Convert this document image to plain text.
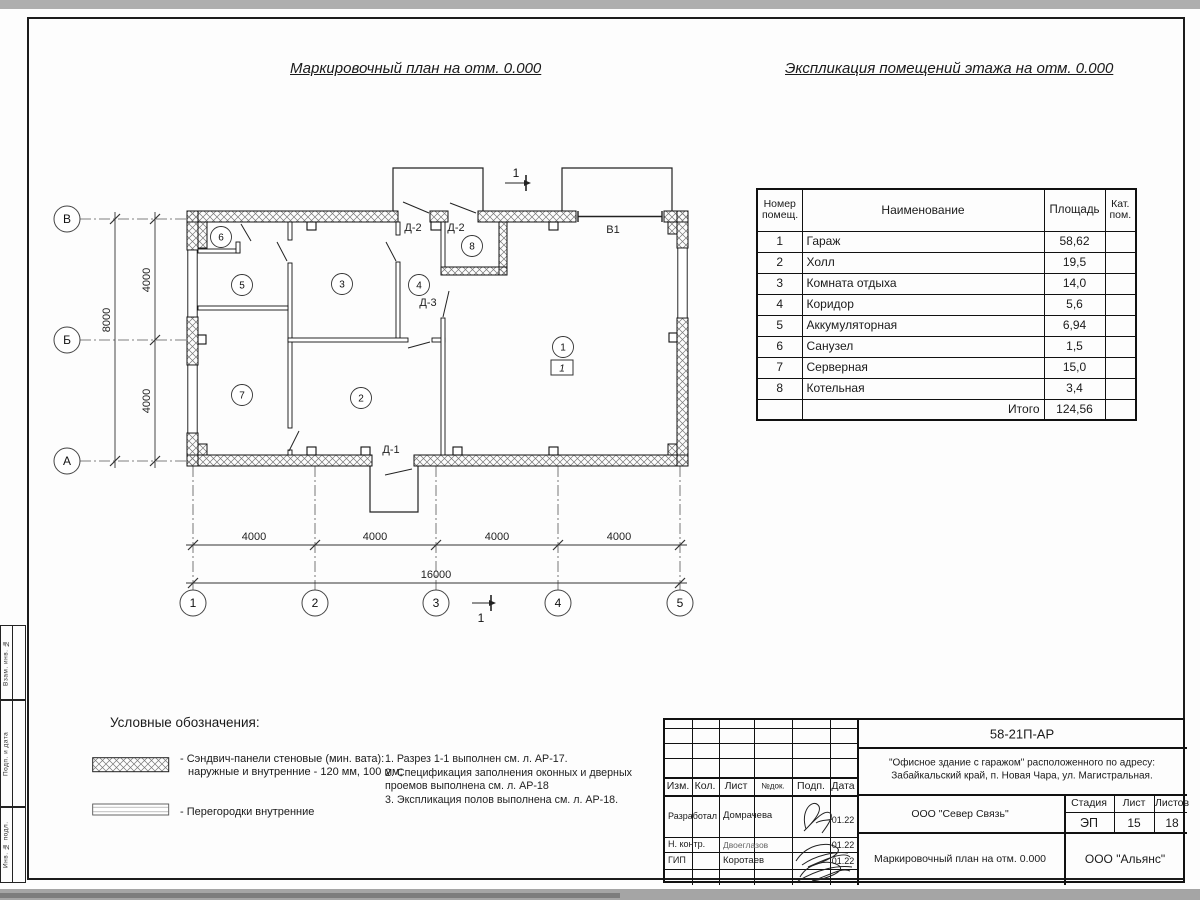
Взам. инв. №
Подп. и дата
Инв. № подл.
Маркировочный план на отм. 0.000	Экспликация помещений этажа на отм. 0.000
8000
4000
4000
4000	4000	4000	4000
16000
В
Б
А
1	2	3	4	5
Д-2 Д-2	В1
Д-3
Д-1
1
1
1
2
3	4
5
6
7
8
1
Номер помещ.	Наименование	Площадь	Кат. пом.
1	Гараж	58,62	
2	Холл	19,5	
3	Комната отдыха	14,0	
4	Коридор	5,6	
5	Аккумуляторная	6,94	
6	Санузел	1,5	
7	Серверная	15,0	
8	Котельная	3,4	
	Итого	124,56	
Условные обозначения:
- Сэндвич-панели стеновые (мин. вата):
наружные и внутренние - 120 мм, 100 мм;
- Перегородки внутренние
1. Разрез 1-1 выполнен см. л. АР-17.
2. Спецификация заполнения оконных и дверных
проемов выполнена см. л. АР-18
3. Экспликация полов выполнена см. л. АР-18.
Изм. Кол. Лист №док. Подп. Дата
Разработал Домрачева	01.22
Н. контр. Двоеглазов	01.22
ГИП	Коротаев	01.22
58-21П-АР
"Офисное здание с гаражом" расположенного по адресу:
Забайкальский край, п. Новая Чара, ул. Магистральная.
ООО "Север Связь"
Стадия Лист Листов
ЭП 15 18
Маркировочный план на отм. 0.000	ООО "Альянс"
